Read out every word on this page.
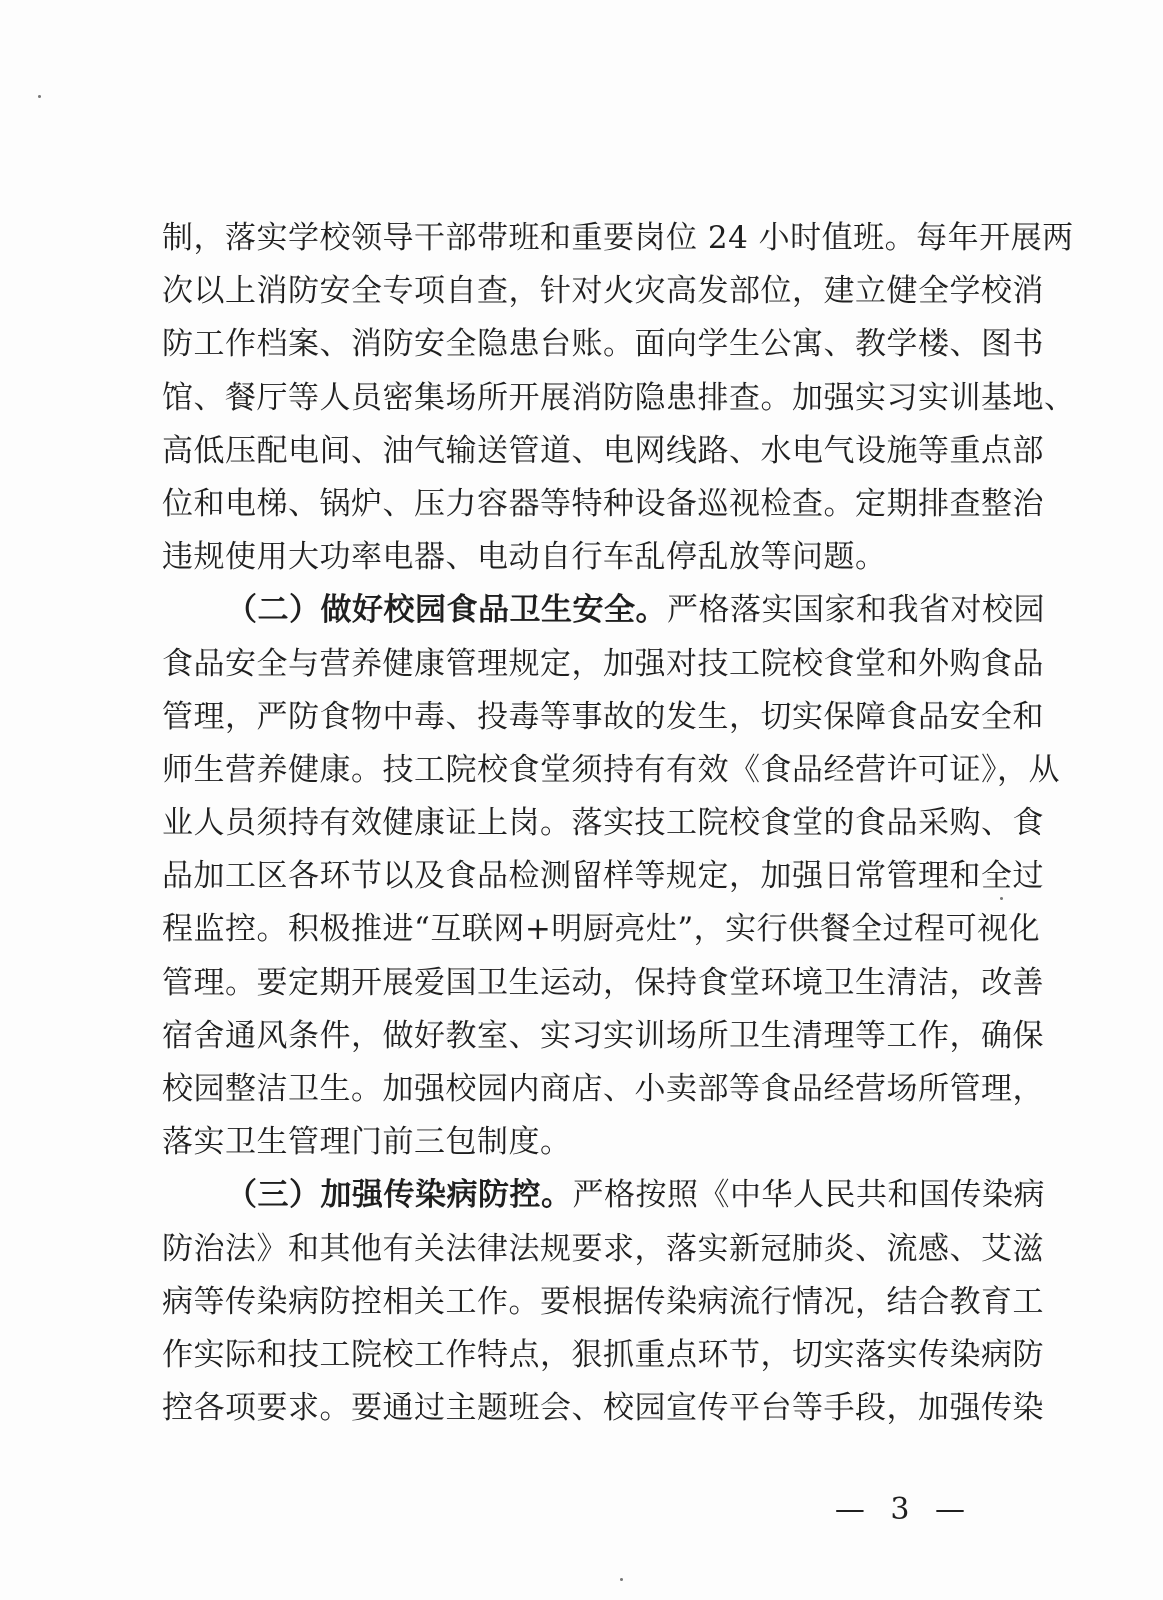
制，落实学校领导干部带班和重要岗位 24 小时值班。每年开展两
次以上消防安全专项自查，针对火灾高发部位，建立健全学校消
防工作档案、消防安全隐患台账。面向学生公寓、教学楼、图书
馆、餐厅等人员密集场所开展消防隐患排查。加强实习实训基地、
高低压配电间、油气输送管道、电网线路、水电气设施等重点部
位和电梯、锅炉、压力容器等特种设备巡视检查。定期排查整治
违规使用大功率电器、电动自行车乱停乱放等问题。
（二）做好校园食品卫生安全。严格落实国家和我省对校园
食品安全与营养健康管理规定，加强对技工院校食堂和外购食品
管理，严防食物中毒、投毒等事故的发生，切实保障食品安全和
师生营养健康。技工院校食堂须持有有效《食品经营许可证》，从
业人员须持有效健康证上岗。落实技工院校食堂的食品采购、食
品加工区各环节以及食品检测留样等规定，加强日常管理和全过
程监控。积极推进“互联网+明厨亮灶”，实行供餐全过程可视化
管理。要定期开展爱国卫生运动，保持食堂环境卫生清洁，改善
宿舍通风条件，做好教室、实习实训场所卫生清理等工作，确保
校园整洁卫生。加强校园内商店、小卖部等食品经营场所管理，
落实卫生管理门前三包制度。
（三）加强传染病防控。严格按照《中华人民共和国传染病
防治法》和其他有关法律法规要求，落实新冠肺炎、流感、艾滋
病等传染病防控相关工作。要根据传染病流行情况，结合教育工
作实际和技工院校工作特点，狠抓重点环节，切实落实传染病防
控各项要求。要通过主题班会、校园宣传平台等手段，加强传染
— 3 —
